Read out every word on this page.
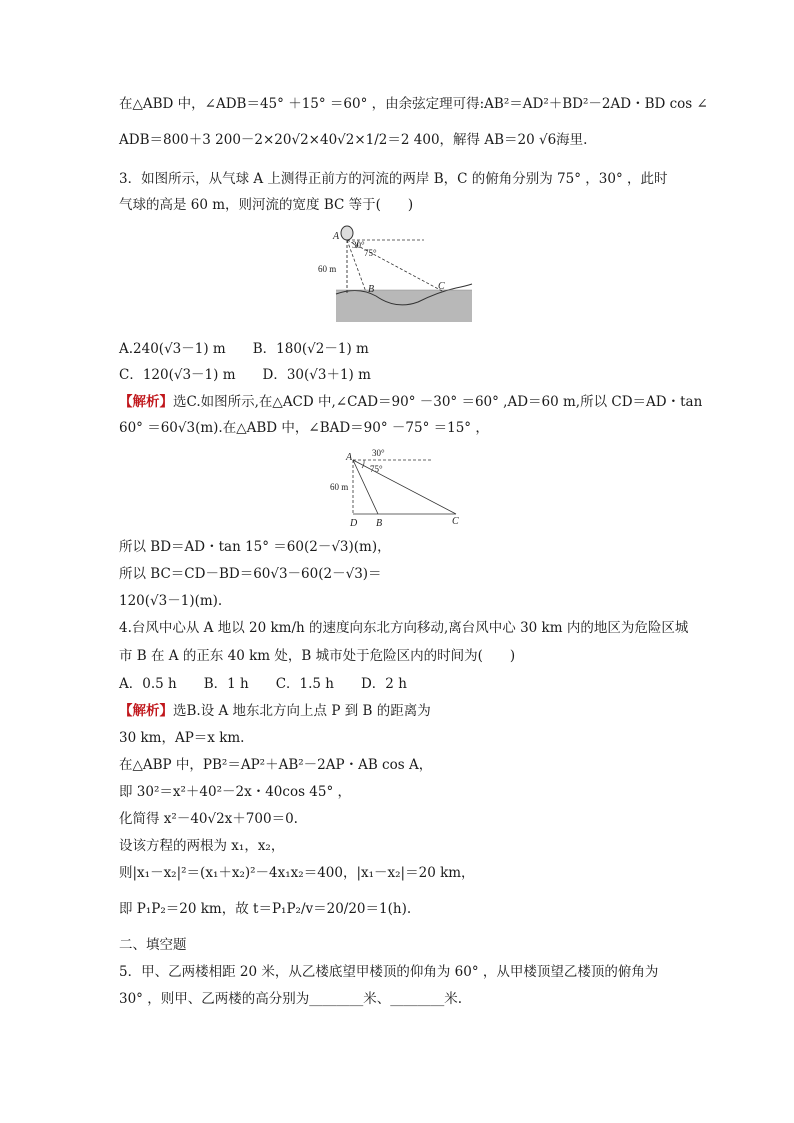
在△ABD 中，∠ADB＝45° ＋15° ＝60° ，由余弦定理可得:AB²＝AD²＋BD²－2AD・BD cos ∠
ADB＝800＋3 200－2×20√2×40√2×1/2＝2 400，解得 AB＝20 √6海里.
3．如图所示，从气球 A 上测得正前方的河流的两岸 B，C 的俯角分别为 75° ，30° ，此时
气球的高是 60 m，则河流的宽度 BC 等于(　　)
A
30°
75°
60 m
B	C
A.240(√3－1) m　　B．180(√2－1) m
C．120(√3－1) m　　D．30(√3＋1) m
【解析】选C.如图所示,在△ACD 中,∠CAD＝90° －30° ＝60° ,AD＝60 m,所以 CD＝AD・tan
60° ＝60√3(m).在△ABD 中，∠BAD＝90° －75° ＝15° ，
A 30°
75°
60 m
D B	C
所以 BD＝AD・tan 15° ＝60(2－√3)(m)，
所以 BC＝CD－BD＝60√3－60(2－√3)＝
120(√3－1)(m).
4.台风中心从 A 地以 20 km/h 的速度向东北方向移动,离台风中心 30 km 内的地区为危险区城
市 B 在 A 的正东 40 km 处，B 城市处于危险区内的时间为(　　)
A．0.5 h　　B．1 h　　C．1.5 h　　D．2 h
【解析】选B.设 A 地东北方向上点 P 到 B 的距离为
30 km，AP＝x km.
在△ABP 中，PB²＝AP²＋AB²－2AP・AB cos A，
即 30²＝x²＋40²－2x・40cos 45° ，
化简得 x²－40√2x＋700＝0.
设该方程的两根为 x₁，x₂，
则|x₁－x₂|²＝(x₁＋x₂)²－4x₁x₂＝400，|x₁－x₂|＝20 km，
即 P₁P₂＝20 km，故 t＝P₁P₂/v＝20/20＝1(h).
二、填空题
5．甲、乙两楼相距 20 米，从乙楼底望甲楼顶的仰角为 60° ，从甲楼顶望乙楼顶的俯角为
30° ，则甲、乙两楼的高分别为________米、________米.
